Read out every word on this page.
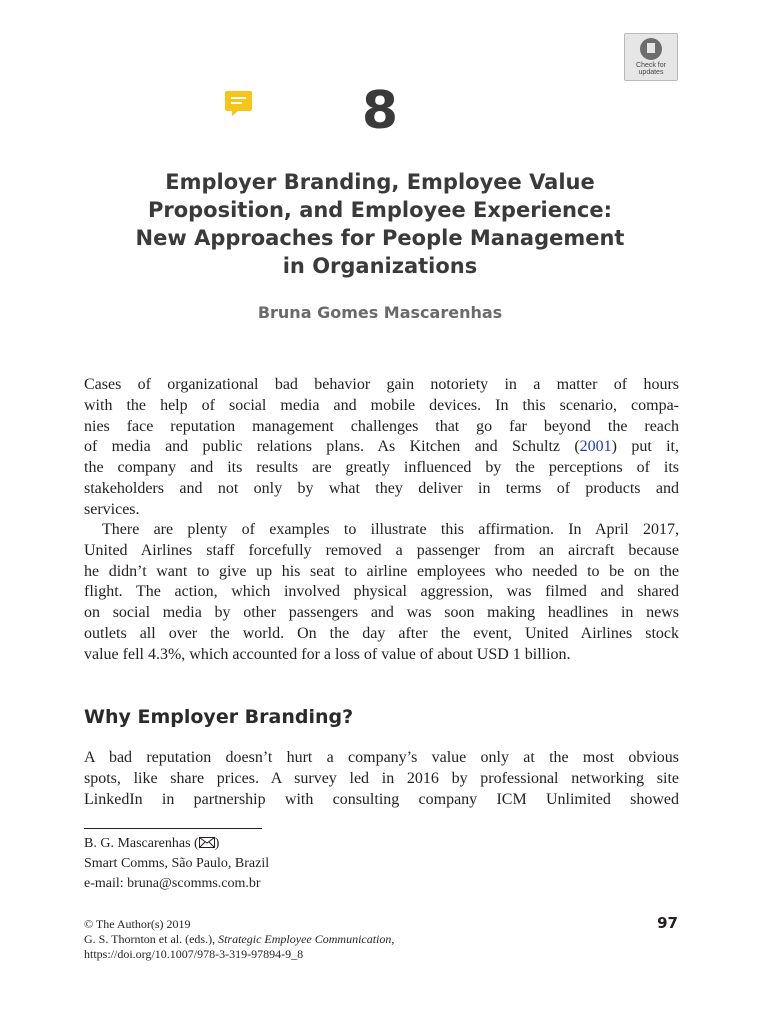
Check for
updates
8
Employer Branding, Employee Value
Proposition, and Employee Experience:
New Approaches for People Management
in Organizations
Bruna Gomes Mascarenhas
Cases of organizational bad behavior gain notoriety in a matter of hours
with the help of social media and mobile devices. In this scenario, compa-
nies face reputation management challenges that go far beyond the reach
of media and public relations plans. As Kitchen and Schultz (2001) put it,
the company and its results are greatly influenced by the perceptions of its
stakeholders and not only by what they deliver in terms of products and
services.
There are plenty of examples to illustrate this affirmation. In April 2017,
United Airlines staff forcefully removed a passenger from an aircraft because
he didn’t want to give up his seat to airline employees who needed to be on the
flight. The action, which involved physical aggression, was filmed and shared
on social media by other passengers and was soon making headlines in news
outlets all over the world. On the day after the event, United Airlines stock
value fell 4.3%, which accounted for a loss of value of about USD 1 billion.
Why Employer Branding?
A bad reputation doesn’t hurt a company’s value only at the most obvious
spots, like share prices. A survey led in 2016 by professional networking site
LinkedIn in partnership with consulting company ICM Unlimited showed
B. G. Mascarenhas ( )
Smart Comms, São Paulo, Brazil
e-mail: bruna@scomms.com.br
© The Author(s) 2019
G. S. Thornton et al. (eds.), Strategic Employee Communication,
https://doi.org/10.1007/978-3-319-97894-9_8
97
